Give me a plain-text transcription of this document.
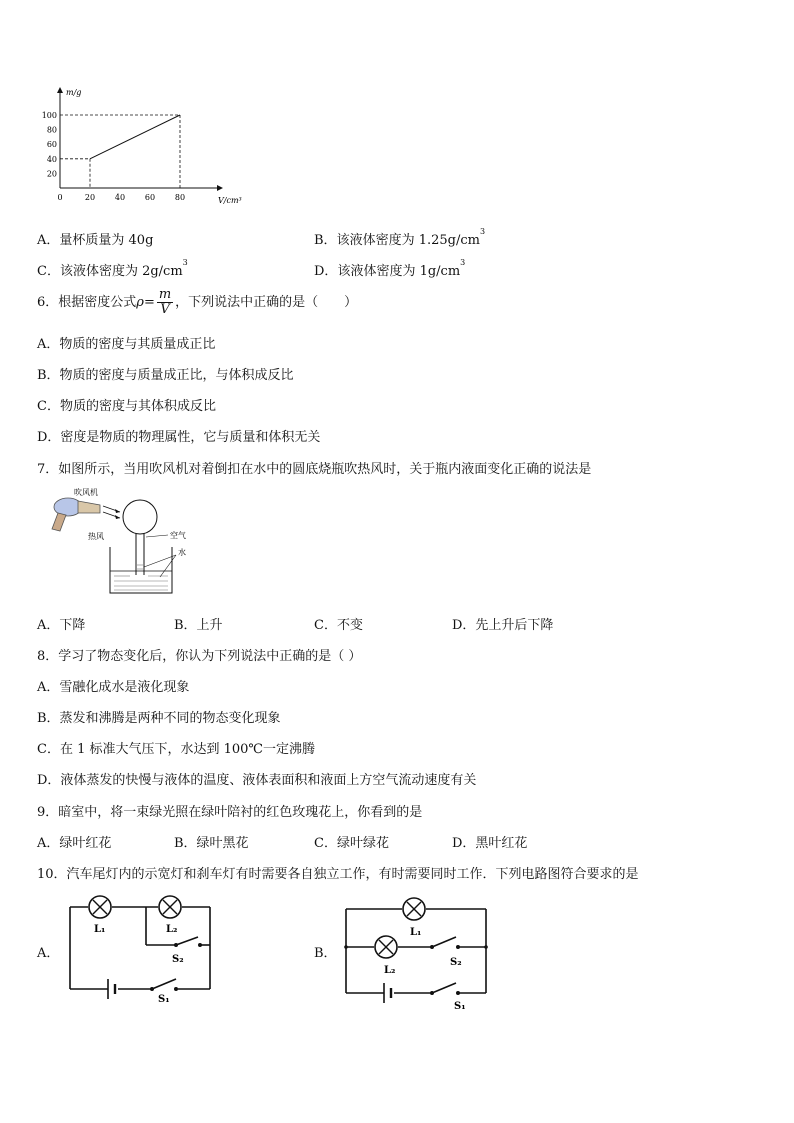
100
80
60
40
20
0	20 40 60 80
m/g
V/cm³
A．量杯质量为 40g	B．该液体密度为 $1.25g/cm^3$
C．该液体密度为 $2g/cm^3$
D．该液体密度为 $1g/cm^3$
6．根据密度公式$\rho= \frac{m}{V}$ ，下列说法中正确的是（　　）
A．物质的密度与其质量成正比
B．物质的密度与质量成正比，与体积成反比
C．物质的密度与其体积成反比
D．密度是物质的物理属性，它与质量和体积无关
7．如图所示，当用吹风机对着倒扣在水中的圆底烧瓶吹热风时，关于瓶内液面变化正确的说法是
吹风机
热风	空气
水
A．下降	B．上升	C．不变	D．先上升后下降
8．学习了物态变化后，你认为下列说法中正确的是（ ）
A．雪融化成水是液化现象
B．蒸发和沸腾是两种不同的物态变化现象
C．在 1 标准大气压下，水达到 100℃一定沸腾
D．液体蒸发的快慢与液体的温度、液体表面积和液面上方空气流动速度有关
9．暗室中，将一束绿光照在绿叶陪衬的红色玫瑰花上，你看到的是
A．绿叶红花	B．绿叶黑花	C．绿叶绿花	D．黑叶红花
10．汽车尾灯内的示宽灯和刹车灯有时需要各自独立工作，有时需要同时工作．下列电路图符合要求的是
A．	B．
L₁	L₂
S₂
S₁
L₁
L₂
S₂
S₁
